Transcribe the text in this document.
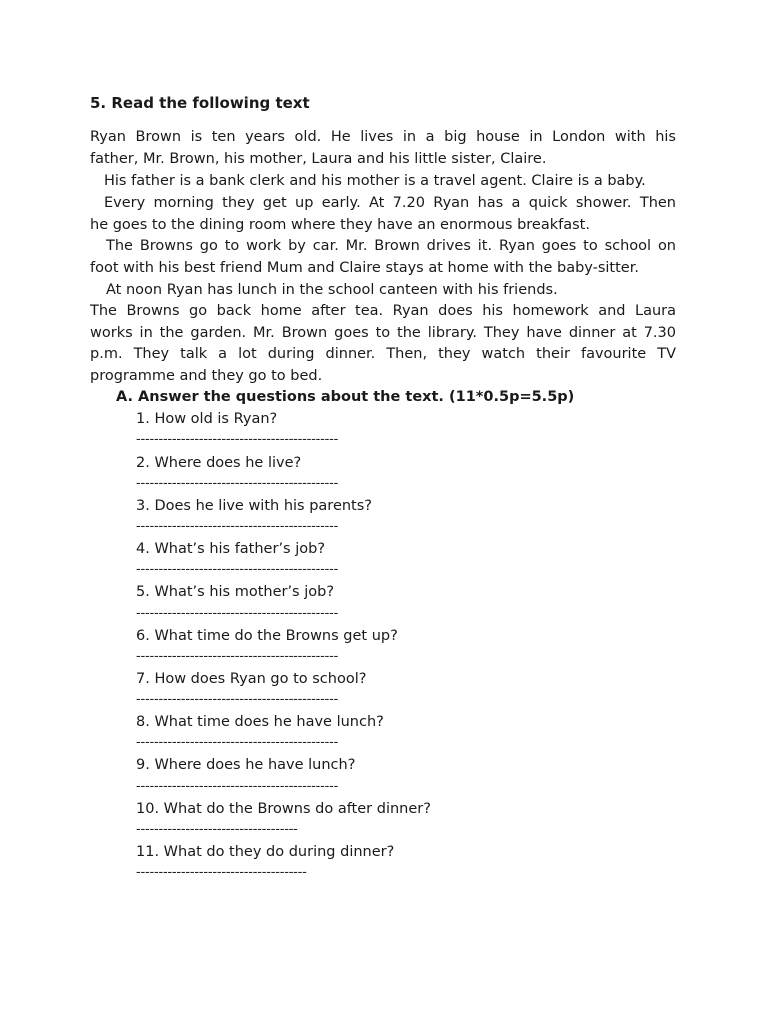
5. Read the following text
Ryan Brown is ten years old. He lives in a big house in London with his
father, Mr. Brown, his mother, Laura and his little sister, Claire.
His father is a bank clerk and his mother is a travel agent. Claire is a baby.
Every morning they get up early. At 7.20 Ryan has a quick shower. Then
he goes to the dining room where they have an enormous breakfast.
The Browns go to work by car. Mr. Brown drives it. Ryan goes to school on
foot with his best friend Mum and Claire stays at home with the baby-sitter.
At noon Ryan has lunch in the school canteen with his friends.
The Browns go back home after tea. Ryan does his homework and Laura
works in the garden. Mr. Brown goes to the library. They have dinner at 7.30
p.m. They talk a lot during dinner. Then, they watch their favourite TV
programme and they go to bed.
A. Answer the questions about the text. (11*0.5p=5.5p)
1. How old is Ryan?
---------------------------------------------
2. Where does he live?
---------------------------------------------
3. Does he live with his parents?
---------------------------------------------
4. What’s his father’s job?
---------------------------------------------
5. What’s his mother’s job?
---------------------------------------------
6. What time do the Browns get up?
---------------------------------------------
7. How does Ryan go to school?
---------------------------------------------
8. What time does he have lunch?
---------------------------------------------
9. Where does he have lunch?
---------------------------------------------
10. What do the Browns do after dinner?
------------------------------------
11. What do they do during dinner?
--------------------------------------
